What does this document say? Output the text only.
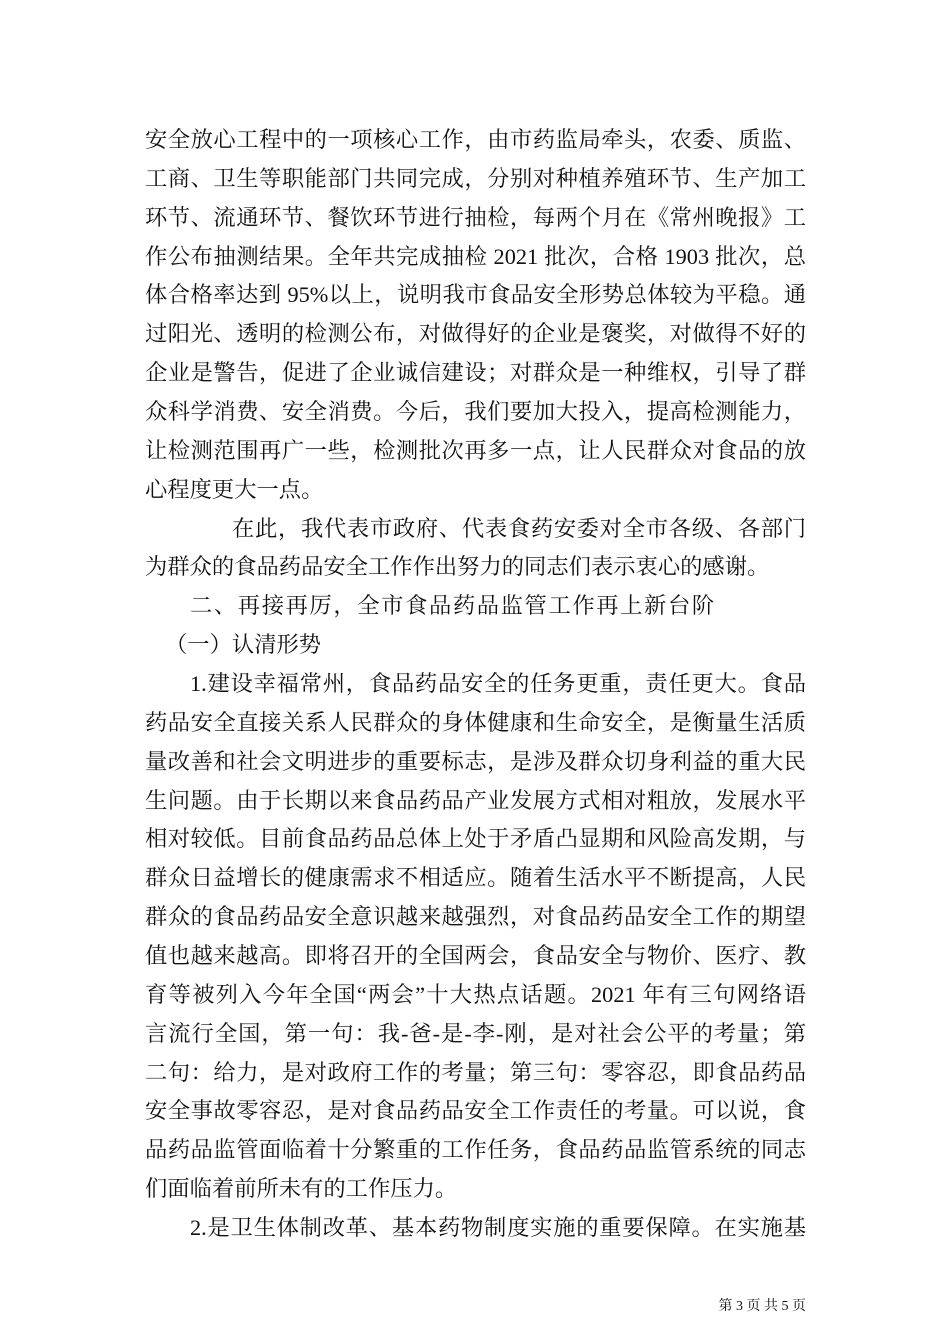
安全放心工程中的一项核心工作，由市药监局牵头，农委、质监、
工商、卫生等职能部门共同完成，分别对种植养殖环节、生产加工
环节、流通环节、餐饮环节进行抽检，每两个月在《常州晚报》工
作公布抽测结果。全年共完成抽检 2021 批次，合格 1903 批次，总
体合格率达到 95%以上，说明我市食品安全形势总体较为平稳。通
过阳光、透明的检测公布，对做得好的企业是褒奖，对做得不好的
企业是警告，促进了企业诚信建设；对群众是一种维权，引导了群
众科学消费、安全消费。今后，我们要加大投入，提高检测能力，
让检测范围再广一些，检测批次再多一点，让人民群众对食品的放
心程度更大一点。
在此，我代表市政府、代表食药安委对全市各级、各部门
为群众的食品药品安全工作作出努力的同志们表示衷心的感谢。
二、再接再厉，全市食品药品监管工作再上新台阶
（一）认清形势
1.建设幸福常州，食品药品安全的任务更重，责任更大。食品
药品安全直接关系人民群众的身体健康和生命安全，是衡量生活质
量改善和社会文明进步的重要标志，是涉及群众切身利益的重大民
生问题。由于长期以来食品药品产业发展方式相对粗放，发展水平
相对较低。目前食品药品总体上处于矛盾凸显期和风险高发期，与
群众日益增长的健康需求不相适应。随着生活水平不断提高，人民
群众的食品药品安全意识越来越强烈，对食品药品安全工作的期望
值也越来越高。即将召开的全国两会，食品安全与物价、医疗、教
育等被列入今年全国“两会”十大热点话题。2021 年有三句网络语
言流行全国，第一句：我-爸-是-李-刚，是对社会公平的考量；第
二句：给力，是对政府工作的考量；第三句：零容忍，即食品药品
安全事故零容忍，是对食品药品安全工作责任的考量。可以说，食
品药品监管面临着十分繁重的工作任务，食品药品监管系统的同志
们面临着前所未有的工作压力。
2.是卫生体制改革、基本药物制度实施的重要保障。在实施基
第 3 页 共 5 页
